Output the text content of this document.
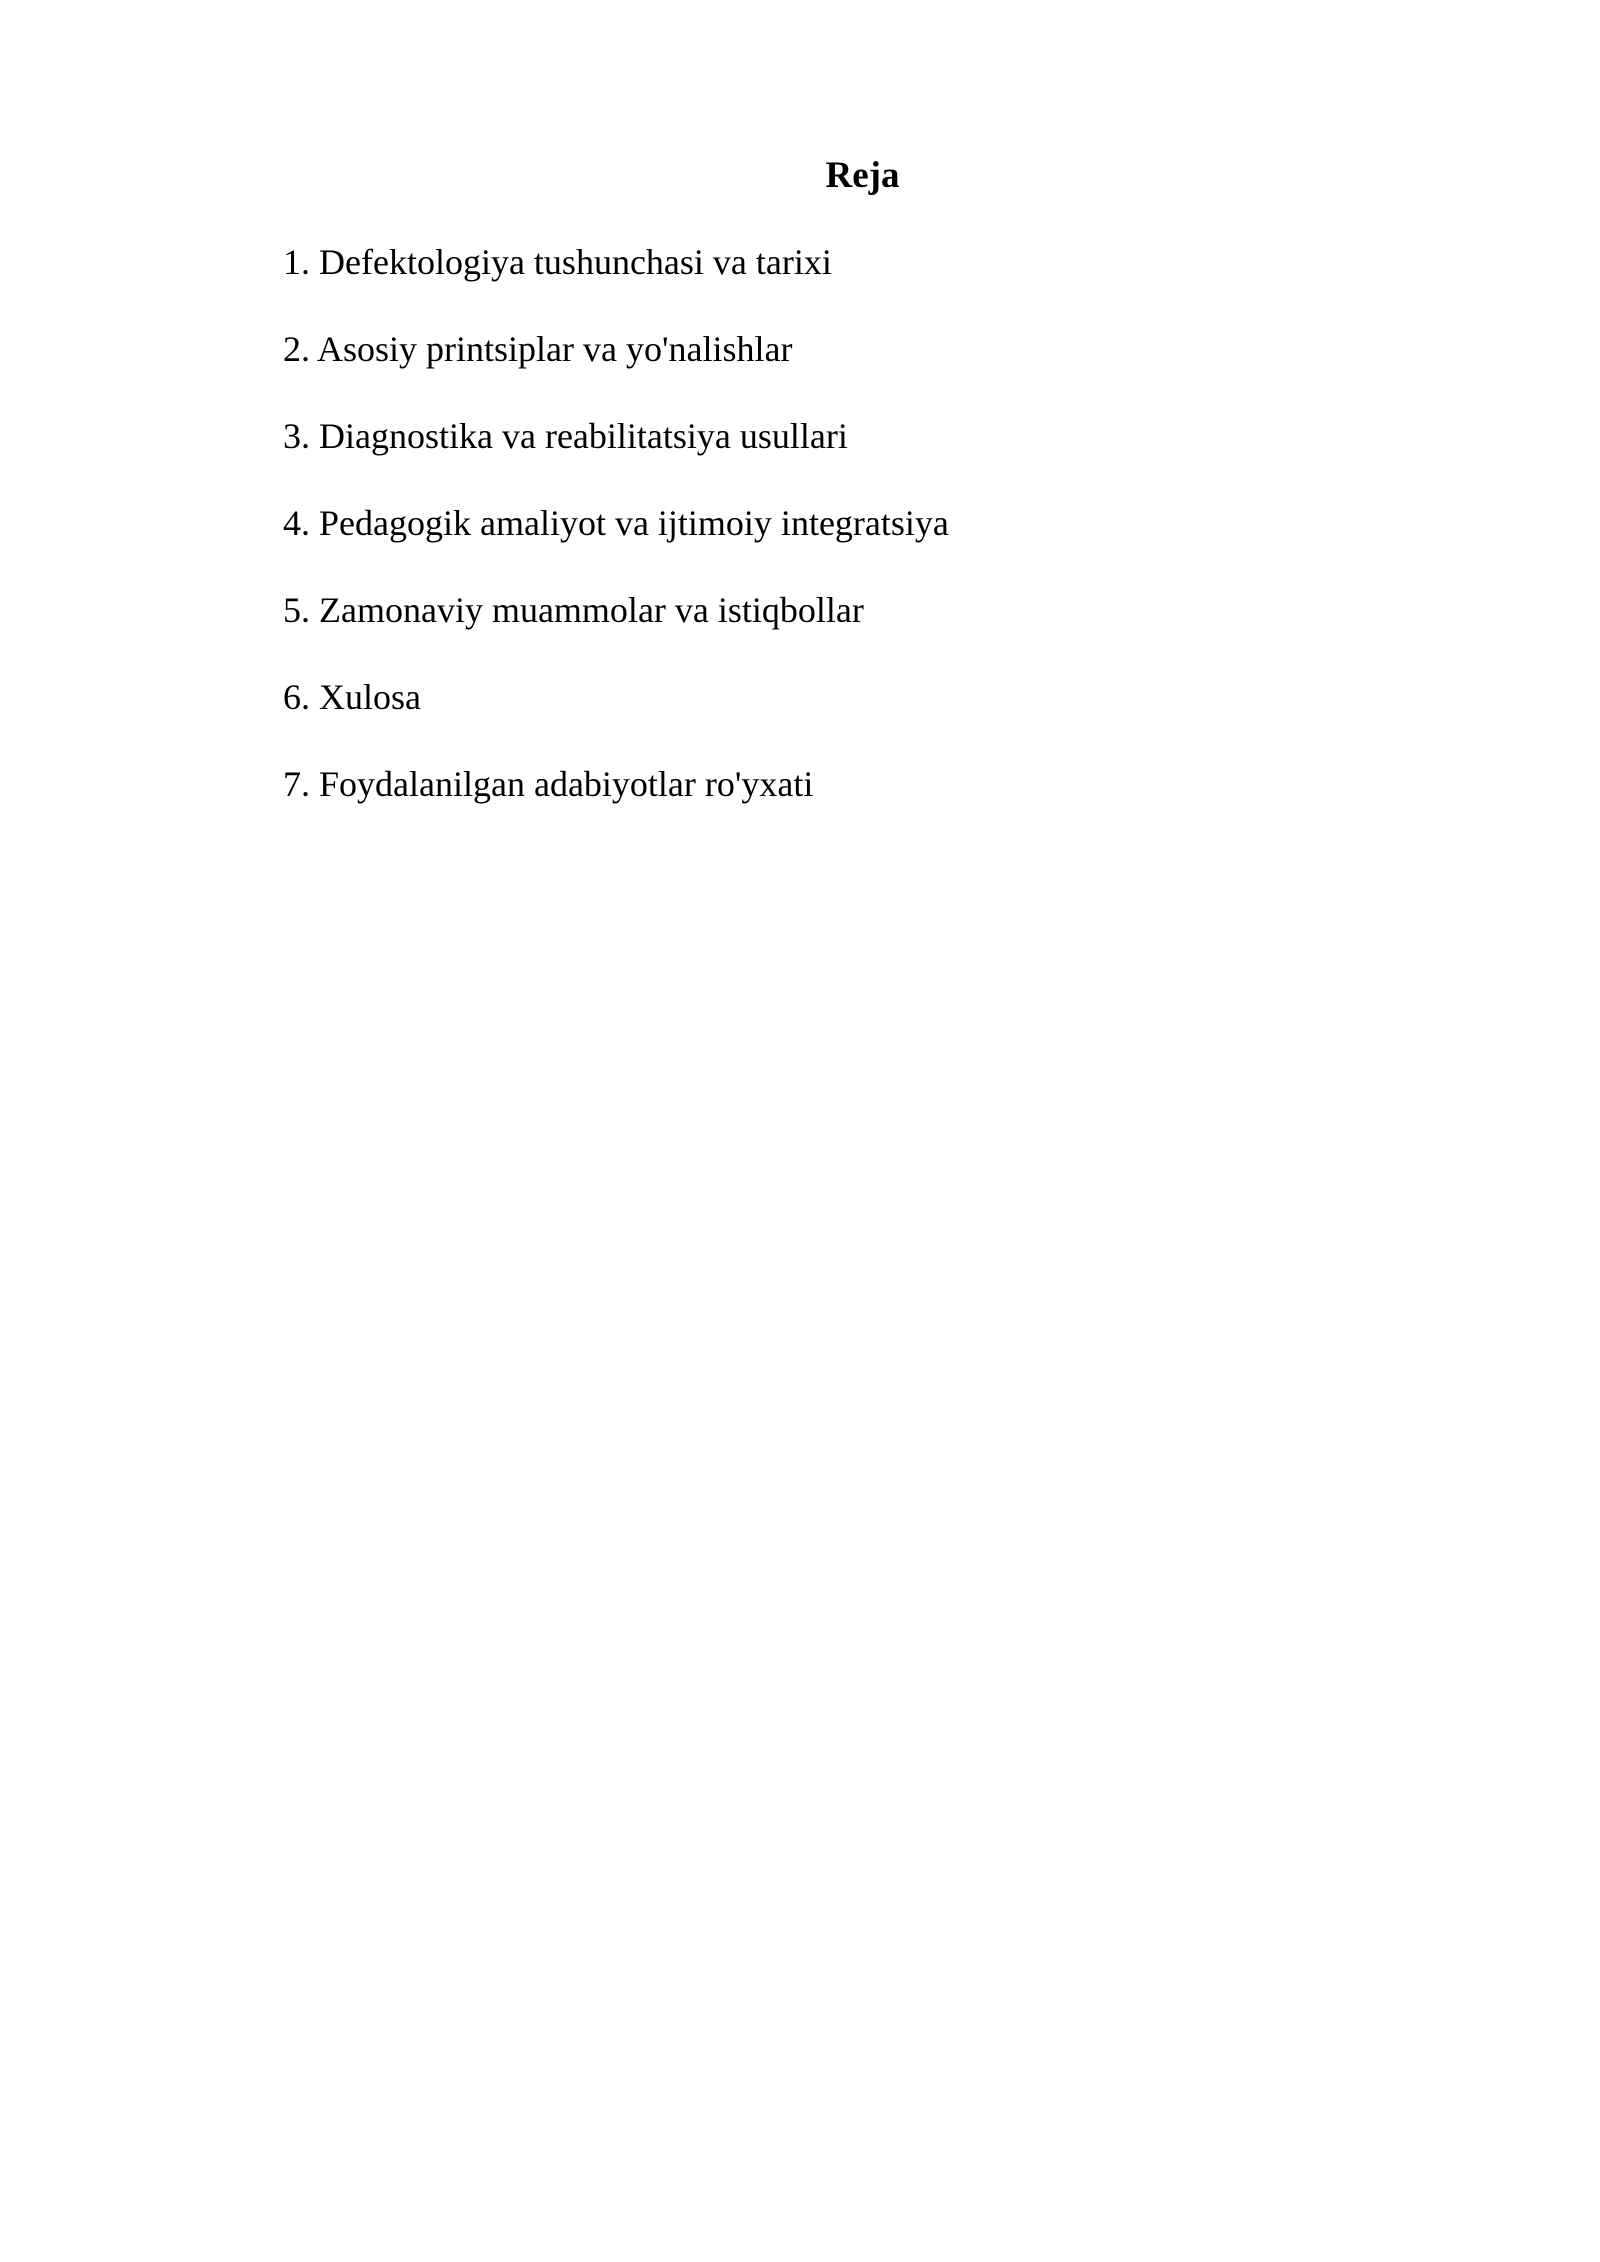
Reja
1. Defektologiya tushunchasi va tarixi
2. Asosiy printsiplar va yo'nalishlar
3. Diagnostika va reabilitatsiya usullari
4. Pedagogik amaliyot va ijtimoiy integratsiya
5. Zamonaviy muammolar va istiqbollar
6. Xulosa
7. Foydalanilgan adabiyotlar ro'yxati
